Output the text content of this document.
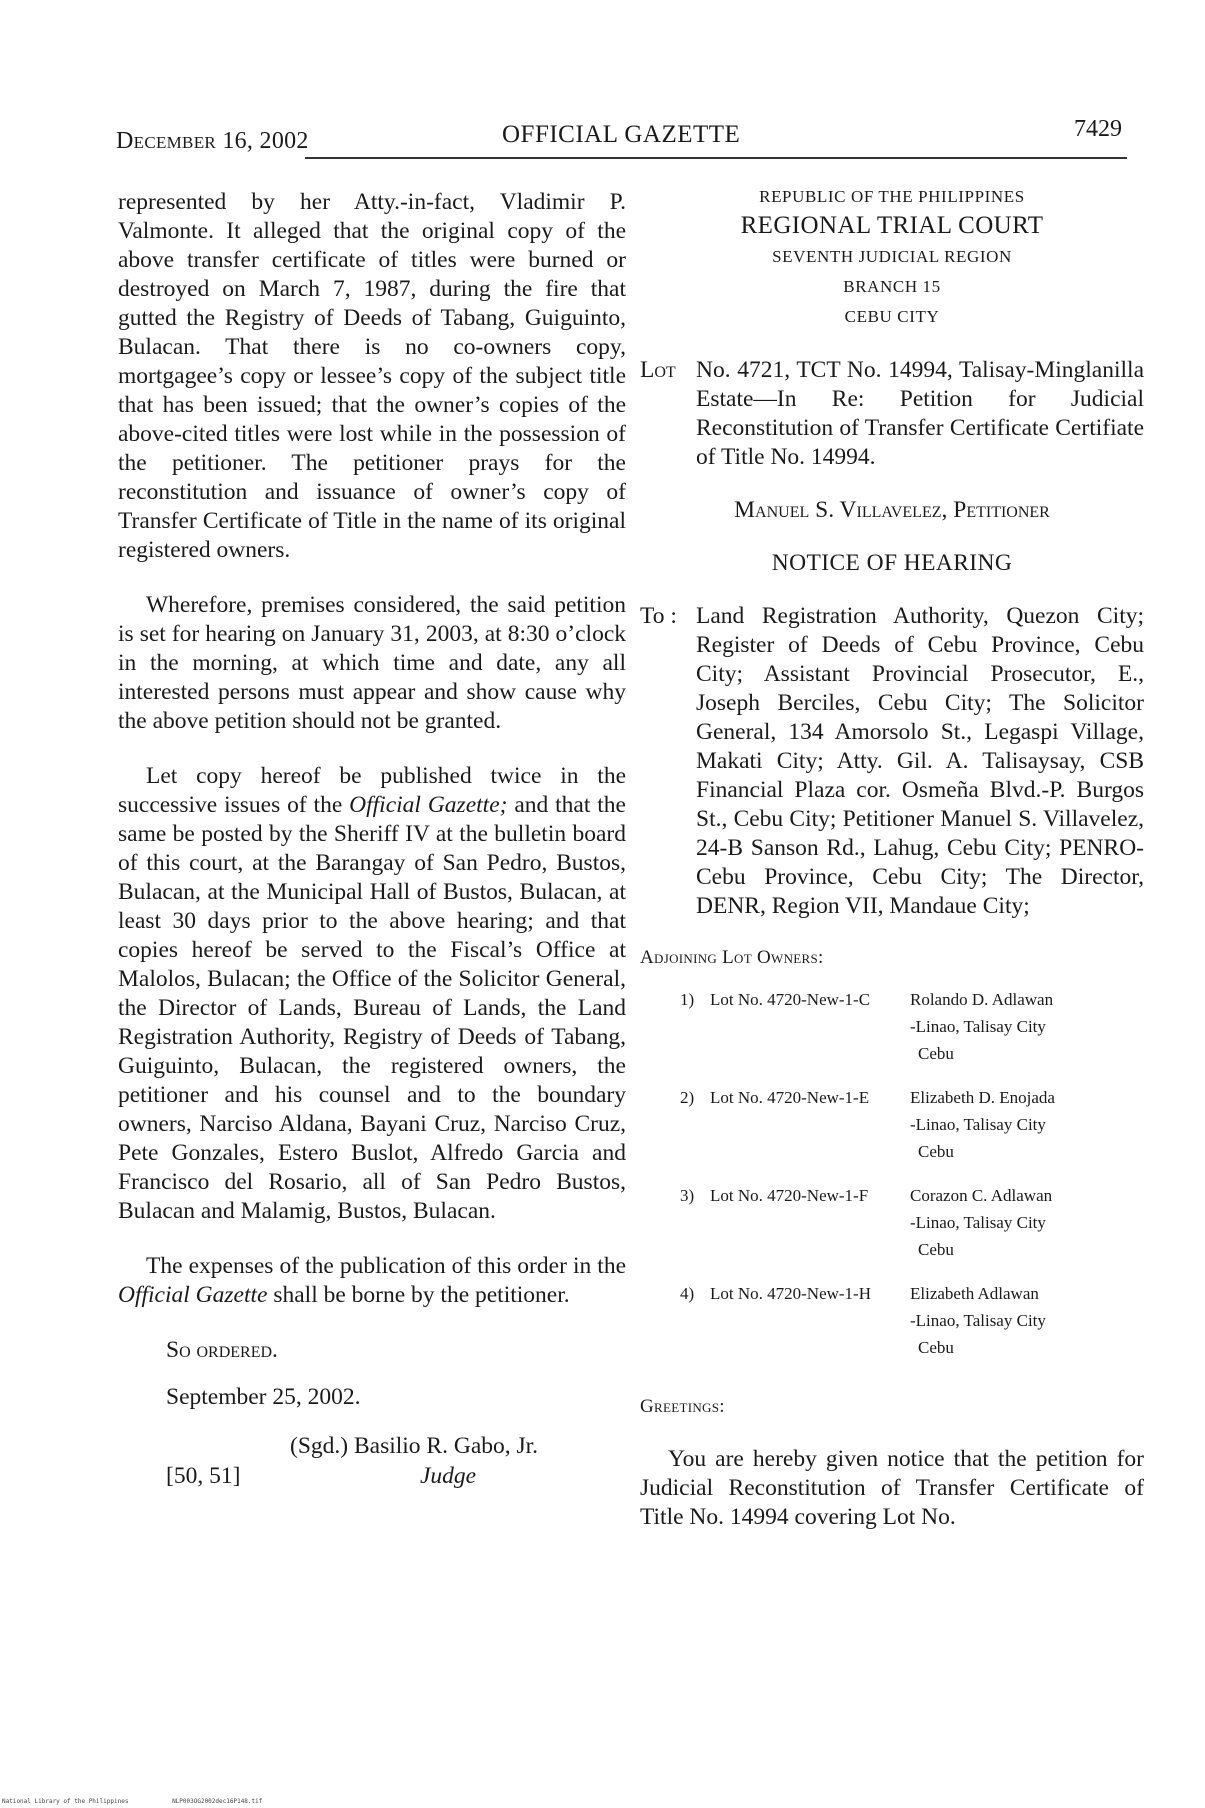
December 16, 2002	OFFICIAL GAZETTE	7429

represented by her Atty.-in-fact, Vladimir P. Valmonte. It alleged that the original copy of the above transfer certificate of titles were burned or destroyed on March 7, 1987, during the fire that gutted the Registry of Deeds of Tabang, Guiguinto, Bulacan. That there is no co-owners copy, mortgagee’s copy or lessee’s copy of the subject title that has been issued; that the owner’s copies of the above-cited titles were lost while in the possession of the petitioner. The petitioner prays for the reconstitution and issuance of owner’s copy of Transfer Certificate of Title in the name of its original registered owners.

Wherefore, premises considered, the said petition is set for hearing on January 31, 2003, at 8:30 o’clock in the morning, at which time and date, any all interested persons must appear and show cause why the above petition should not be granted.

Let copy hereof be published twice in the successive issues of the Official Gazette; and that the same be posted by the Sheriff IV at the bulletin board of this court, at the Barangay of San Pedro, Bustos, Bulacan, at the Municipal Hall of Bustos, Bulacan, at least 30 days prior to the above hearing; and that copies hereof be served to the Fiscal’s Office at Malolos, Bulacan; the Office of the Solicitor General, the Director of Lands, Bureau of Lands, the Land Registration Authority, Registry of Deeds of Tabang, Guiguinto, Bulacan, the registered owners, the petitioner and his counsel and to the boundary owners, Narciso Aldana, Bayani Cruz, Narciso Cruz, Pete Gonzales, Estero Buslot, Alfredo Garcia and Francisco del Rosario, all of San Pedro Bustos, Bulacan and Malamig, Bustos, Bulacan.

The expenses of the publication of this order in the Official Gazette shall be borne by the petitioner.

So ordered.
September 25, 2002.
(Sgd.) Basilio R. Gabo, Jr.
[50, 51]	Judge
REPUBLIC OF THE PHILIPPINES
REGIONAL TRIAL COURT
SEVENTH JUDICIAL REGION
BRANCH 15
CEBU CITY
Lot No. 4721, TCT No. 14994, Talisay-Minglanilla Estate—In Re: Petition for Judicial Reconstitution of Transfer Certificate Certifiate of Title No. 14994.
Manuel S. Villavelez, Petitioner
NOTICE OF HEARING
To : Land Registration Authority, Quezon City; Register of Deeds of Cebu Province, Cebu City; Assistant Provincial Prosecutor, E., Joseph Berciles, Cebu City; The Solicitor General, 134 Amorsolo St., Legaspi Village, Makati City; Atty. Gil. A. Talisaysay, CSB Financial Plaza cor. Osmeña Blvd.-P. Burgos St., Cebu City; Petitioner Manuel S. Villavelez, 24-B Sanson Rd., Lahug, Cebu City; PENRO-Cebu Province, Cebu City; The Director, DENR, Region VII, Mandaue City;
Adjoining Lot Owners:
1) Lot No. 4720-New-1-C Rolando D. Adlawan
-Linao, Talisay City
Cebu
2) Lot No. 4720-New-1-E Elizabeth D. Enojada
-Linao, Talisay City
Cebu
3) Lot No. 4720-New-1-F Corazon C. Adlawan
-Linao, Talisay City
Cebu
4) Lot No. 4720-New-1-H Elizabeth Adlawan
-Linao, Talisay City
Cebu
Greetings:

You are hereby given notice that the petition for Judicial Reconstitution of Transfer Certificate of Title No. 14994 covering Lot No.

National Library of the Philippines	NLP003OG2002dec16P148.tif
